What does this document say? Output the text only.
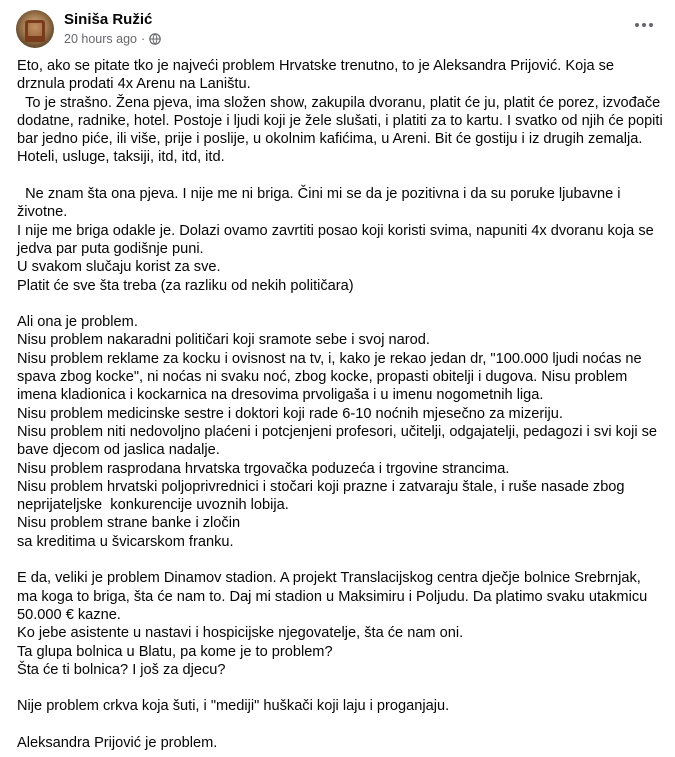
Siniša Ružić
20 hours ago ·
Eto, ako se pitate tko je najveći problem Hrvatske trenutno, to je Aleksandra Prijović. Koja se drznula prodati 4x Arenu na Laništu.
To je strašno. Žena pjeva, ima složen show, zakupila dvoranu, platit će ju, platit će porez, izvođače dodatne, radnike, hotel. Postoje i ljudi koji je žele slušati, i platiti za to kartu. I svatko od njih će popiti bar jedno piće, ili više, prije i poslije, u okolnim kafićima, u Areni. Bit će gostiju i iz drugih zemalja. Hoteli, usluge, taksiji, itd, itd, itd.
Ne znam šta ona pjeva. I nije me ni briga. Čini mi se da je pozitivna i da su poruke ljubavne i životne.
I nije me briga odakle je. Dolazi ovamo zavrtiti posao koji koristi svima, napuniti 4x dvoranu koja se jedva par puta godišnje puni.
U svakom slučaju korist za sve.
Platit će sve šta treba (za razliku od nekih političara)
Ali ona je problem.
Nisu problem nakaradni političari koji sramote sebe i svoj narod.
Nisu problem reklame za kocku i ovisnost na tv, i, kako je rekao jedan dr, "100.000 ljudi noćas ne spava zbog kocke", ni noćas ni svaku noć, zbog kocke, propasti obitelji i dugova. Nisu problem imena kladionica i kockarnica na dresovima prvoligaša i u imenu nogometnih liga.
Nisu problem medicinske sestre i doktori koji rade 6-10 noćnih mjesečno za mizeriju.
Nisu problem niti nedovoljno plaćeni i potcjenjeni profesori, učitelji, odgajatelji, pedagozi i svi koji se bave djecom od jaslica nadalje.
Nisu problem rasprodana hrvatska trgovačka poduzeća i trgovine strancima.
Nisu problem hrvatski poljoprivrednici i stočari koji prazne i zatvaraju štale, i ruše nasade zbog neprijateljske  konkurencije uvoznih lobija.
Nisu problem strane banke i zločin
sa kreditima u švicarskom franku.
E da, veliki je problem Dinamov stadion. A projekt Translacijskog centra dječje bolnice Srebrnjak, ma koga to briga, šta će nam to. Daj mi stadion u Maksimiru i Poljudu. Da platimo svaku utakmicu 50.000 € kazne.
Ko jebe asistente u nastavi i hospicijske njegovatelje, šta će nam oni.
Ta glupa bolnica u Blatu, pa kome je to problem?
Šta će ti bolnica? I još za djecu?
Nije problem crkva koja šuti, i "mediji" huškači koji laju i proganjaju.
Aleksandra Prijović je problem.
